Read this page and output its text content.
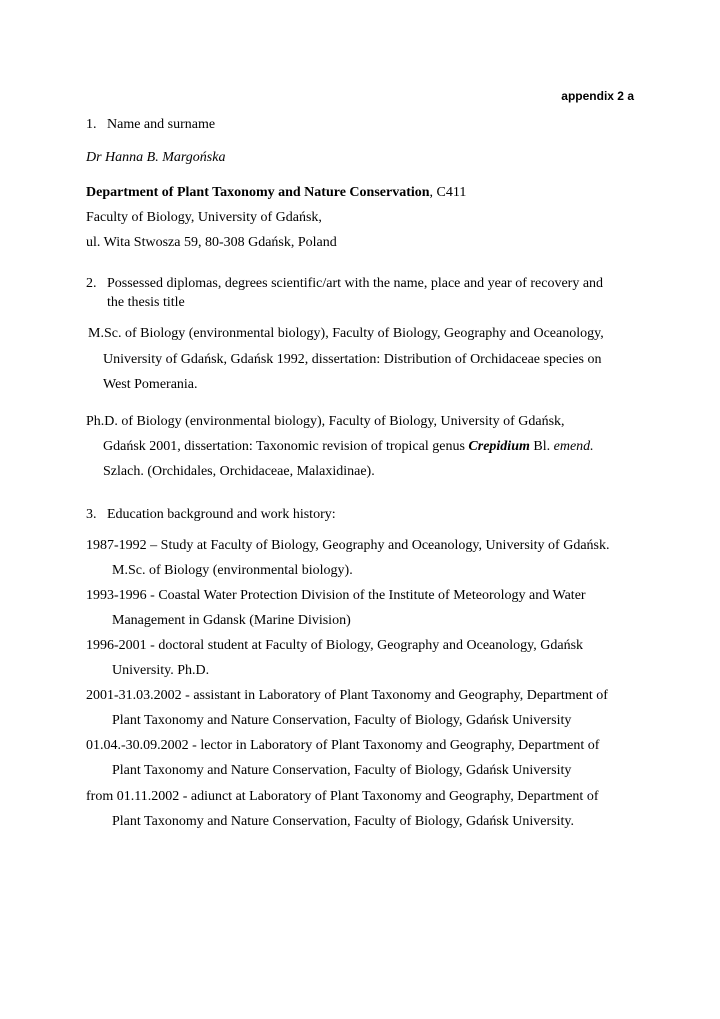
appendix 2 a
1. Name and surname
Dr Hanna B. Margońska
Department of Plant Taxonomy and Nature Conservation, C411
Faculty of Biology, University of Gdańsk,
ul. Wita Stwosza 59, 80-308 Gdańsk, Poland
2. Possessed diplomas, degrees scientific/art with the name, place and year of recovery and
the thesis title
M.Sc. of Biology (environmental biology), Faculty of Biology, Geography and Oceanology,
University of Gdańsk, Gdańsk 1992, dissertation: Distribution of Orchidaceae species on
West Pomerania.
Ph.D. of Biology (environmental biology), Faculty of Biology, University of Gdańsk,
Gdańsk 2001, dissertation: Taxonomic revision of tropical genus Crepidium Bl. emend.
Szlach. (Orchidales, Orchidaceae, Malaxidinae).
3. Education background and work history:
1987-1992 – Study at Faculty of Biology, Geography and Oceanology, University of Gdańsk.
M.Sc. of Biology (environmental biology).
1993-1996 - Coastal Water Protection Division of the Institute of Meteorology and Water
Management in Gdansk (Marine Division)
1996-2001 - doctoral student at Faculty of Biology, Geography and Oceanology, Gdańsk
University. Ph.D.
2001-31.03.2002 - assistant in Laboratory of Plant Taxonomy and Geography, Department of
Plant Taxonomy and Nature Conservation, Faculty of Biology, Gdańsk University
01.04.-30.09.2002 - lector in Laboratory of Plant Taxonomy and Geography, Department of
Plant Taxonomy and Nature Conservation, Faculty of Biology, Gdańsk University
from 01.11.2002 - adiunct at Laboratory of Plant Taxonomy and Geography, Department of
Plant Taxonomy and Nature Conservation, Faculty of Biology, Gdańsk University.
